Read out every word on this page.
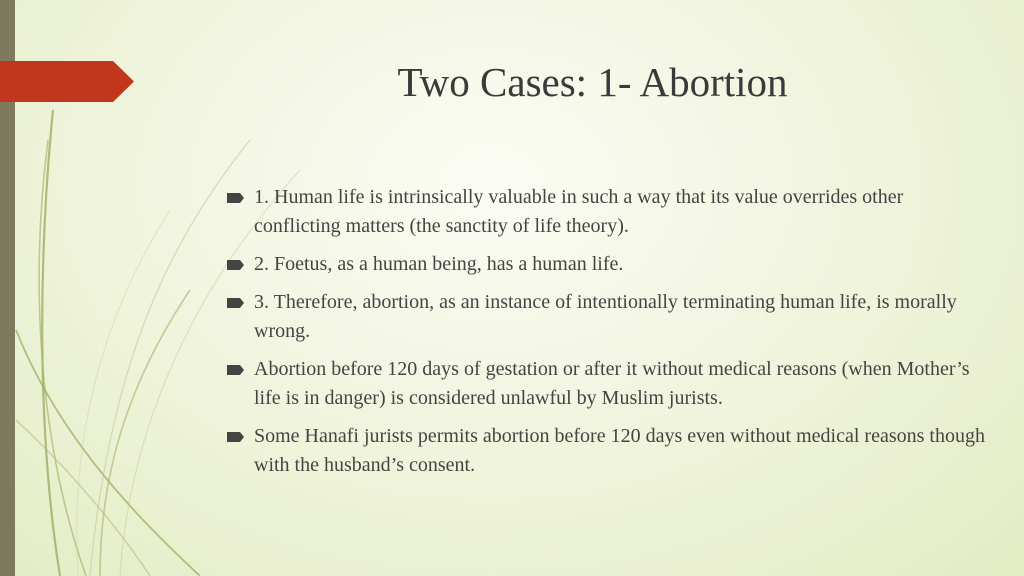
Two Cases: 1- Abortion
1. Human life is intrinsically valuable in such a way that its value overrides other conflicting matters (the sanctity of life theory).
2. Foetus, as a human being, has a human life.
3. Therefore, abortion, as an instance of intentionally terminating human life, is morally wrong.
Abortion before 120 days of gestation or after it without medical reasons (when Mother’s life is in danger) is considered unlawful by Muslim jurists.
Some Hanafi jurists permits abortion before 120 days even without medical reasons though with the husband’s consent.
